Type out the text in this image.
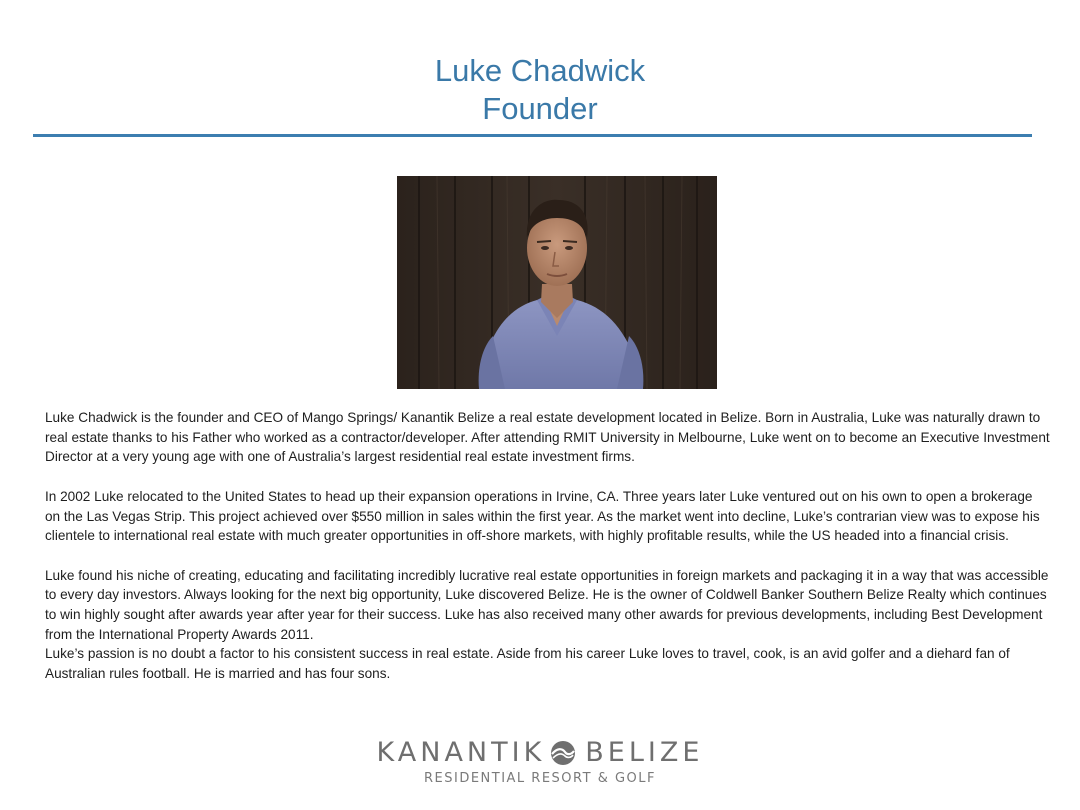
Luke Chadwick
Founder

Luke Chadwick is the founder and CEO of Mango Springs/ Kanantik Belize a real estate development located in Belize. Born in Australia, Luke was naturally drawn to real estate thanks to his Father who worked as a contractor/developer. After attending RMIT University in Melbourne, Luke went on to become an Executive Investment Director at a very young age with one of Australia’s largest residential real estate investment firms.

In 2002 Luke relocated to the United States to head up their expansion operations in Irvine, CA. Three years later Luke ventured out on his own to open a brokerage on the Las Vegas Strip. This project achieved over $550 million in sales within the first year. As the market went into decline, Luke’s contrarian view was to expose his clientele to international real estate with much greater opportunities in off-shore markets, with highly profitable results, while the US headed into a financial crisis.

Luke found his niche of creating, educating and facilitating incredibly lucrative real estate opportunities in foreign markets and packaging it in a way that was accessible to every day investors. Always looking for the next big opportunity, Luke discovered Belize. He is the owner of Coldwell Banker Southern Belize Realty which continues to win highly sought after awards year after year for their success. Luke has also received many other awards for previous developments, including Best Development from the International Property Awards 2011.

Luke’s passion is no doubt a factor to his consistent success in real estate. Aside from his career Luke loves to travel, cook, is an avid golfer and a diehard fan of Australian rules football. He is married and has four sons.

KANANTIK BELIZE
RESIDENTIAL RESORT & GOLF
